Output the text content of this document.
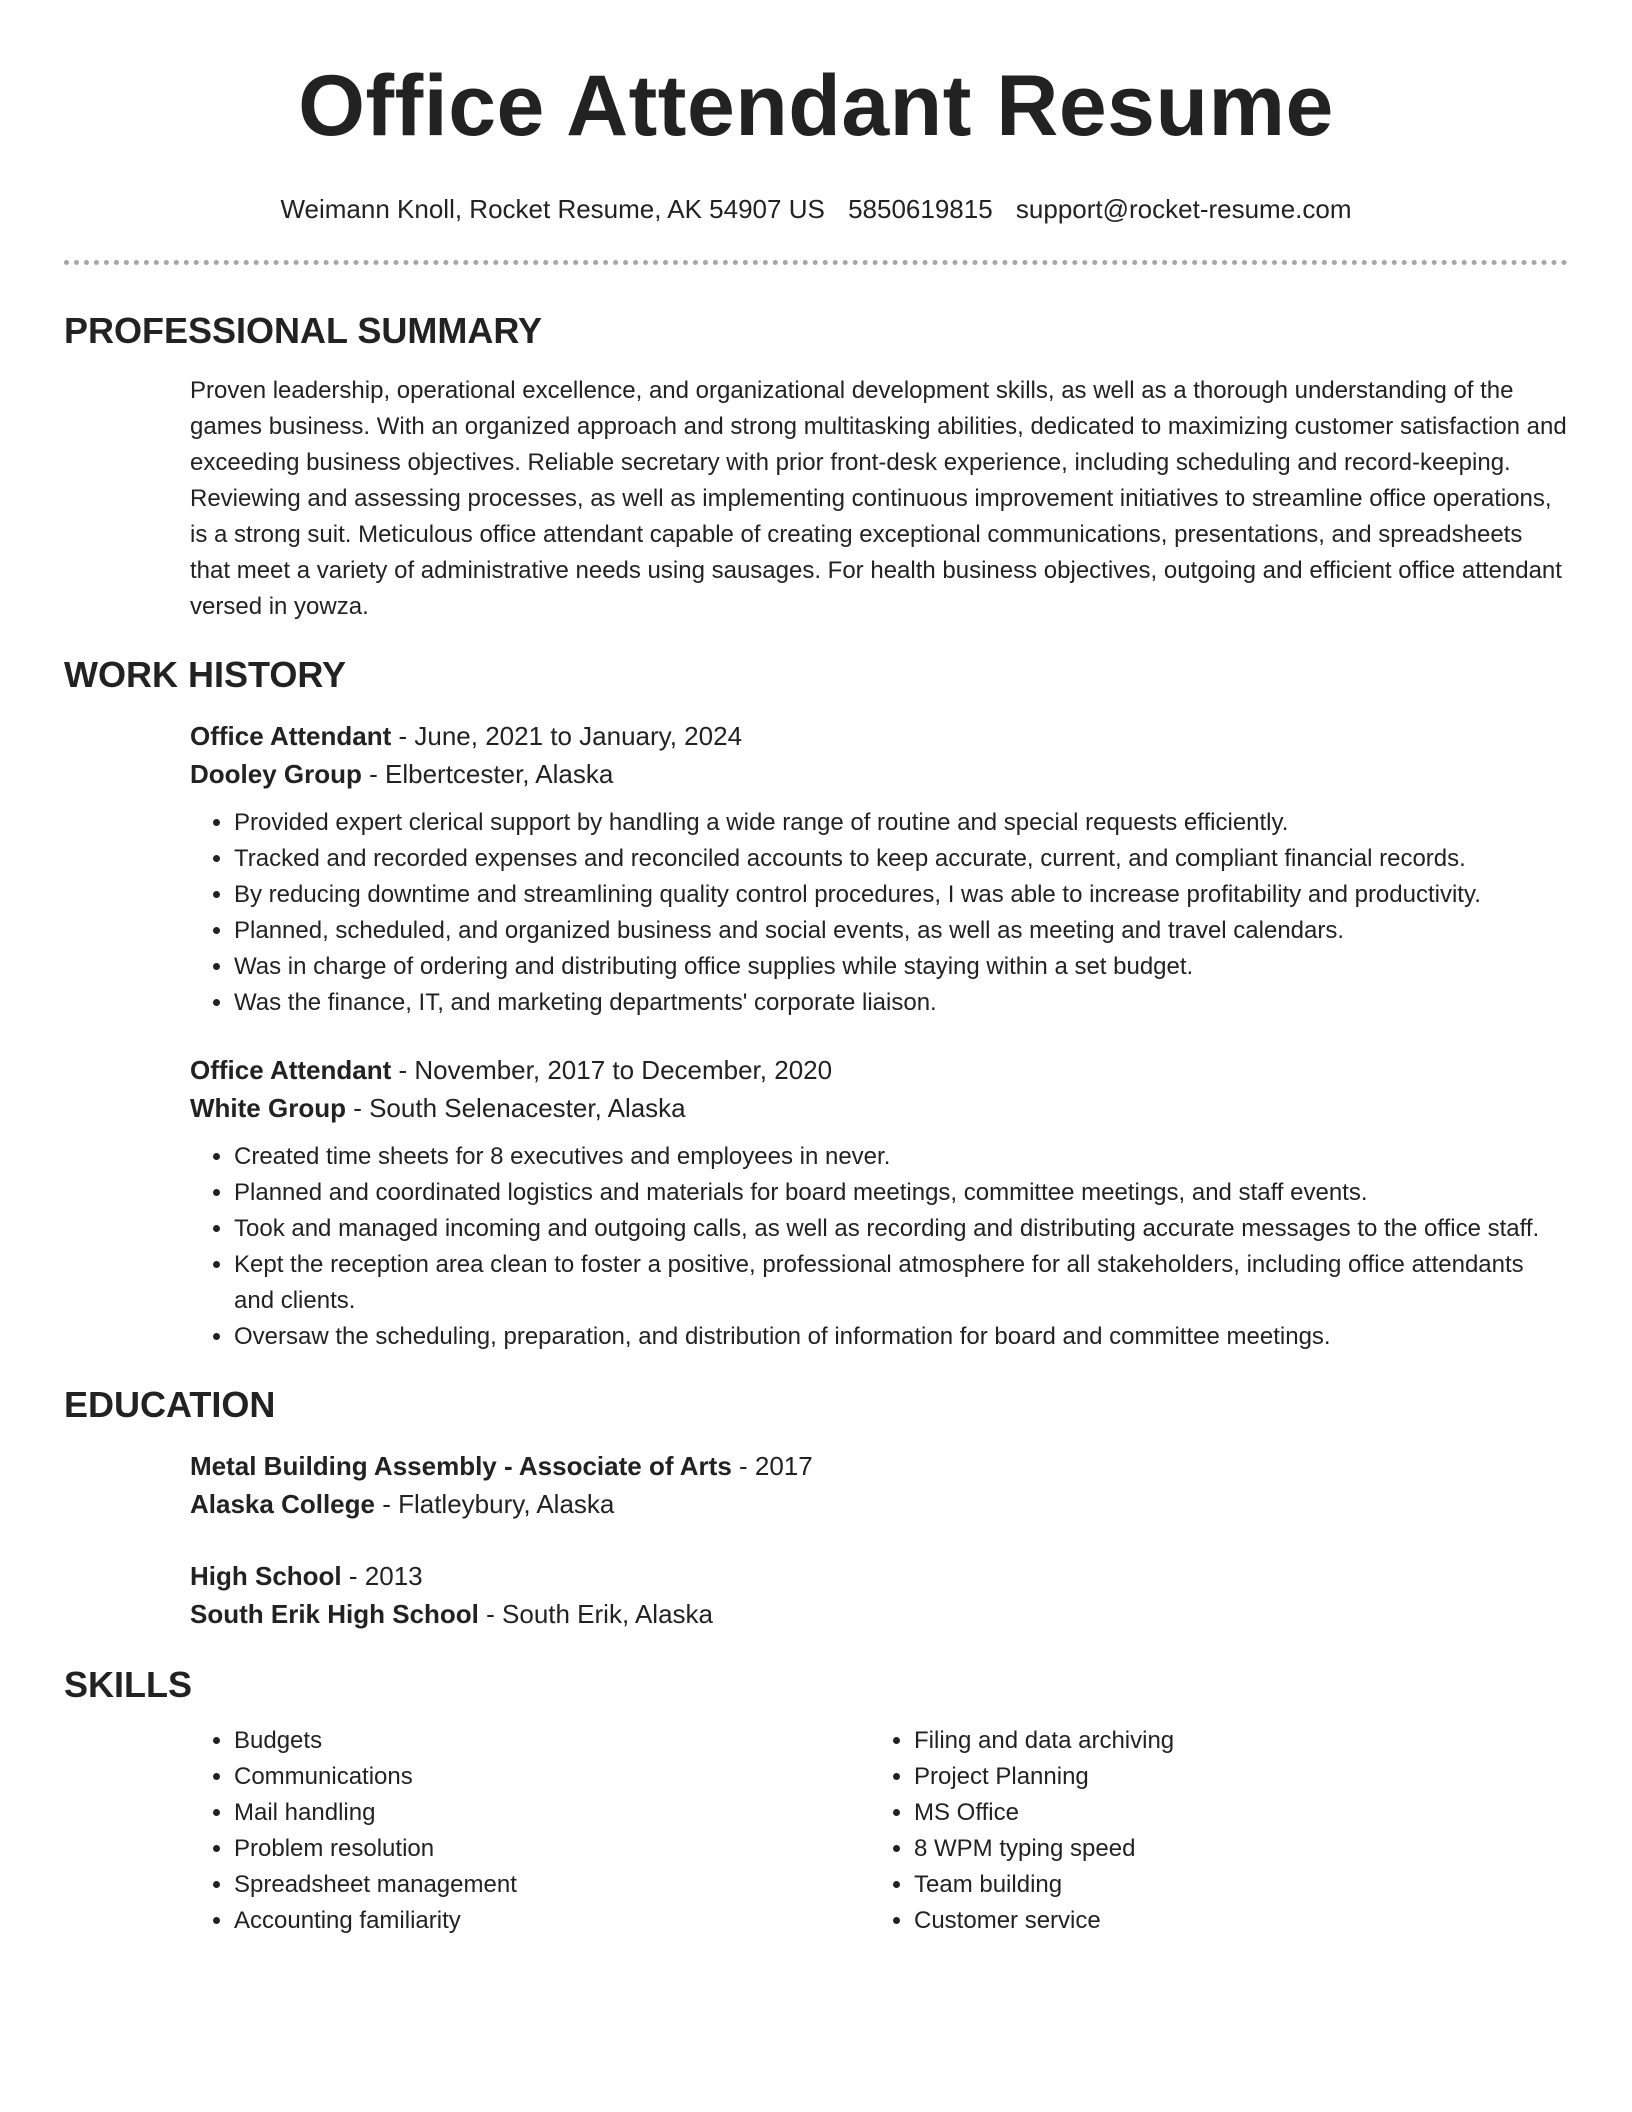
Office Attendant Resume
Weimann Knoll, Rocket Resume, AK 54907 US 5850619815 support@rocket-resume.com
PROFESSIONAL SUMMARY

Proven leadership, operational excellence, and organizational development skills, as well as a thorough understanding of the games business. With an organized approach and strong multitasking abilities, dedicated to maximizing customer satisfaction and exceeding business objectives. Reliable secretary with prior front-desk experience, including scheduling and record-keeping. Reviewing and assessing processes, as well as implementing continuous improvement initiatives to streamline office operations, is a strong suit. Meticulous office attendant capable of creating exceptional communications, presentations, and spreadsheets that meet a variety of administrative needs using sausages. For health business objectives, outgoing and efficient office attendant versed in yowza.

WORK HISTORY
Office Attendant - June, 2021 to January, 2024
Dooley Group - Elbertcester, Alaska
• Provided expert clerical support by handling a wide range of routine and special requests efficiently.
• Tracked and recorded expenses and reconciled accounts to keep accurate, current, and compliant financial records.
• By reducing downtime and streamlining quality control procedures, I was able to increase profitability and productivity.
• Planned, scheduled, and organized business and social events, as well as meeting and travel calendars.
• Was in charge of ordering and distributing office supplies while staying within a set budget.
• Was the finance, IT, and marketing departments' corporate liaison.
Office Attendant - November, 2017 to December, 2020
White Group - South Selenacester, Alaska
• Created time sheets for 8 executives and employees in never.
• Planned and coordinated logistics and materials for board meetings, committee meetings, and staff events.
• Took and managed incoming and outgoing calls, as well as recording and distributing accurate messages to the office staff.
• Kept the reception area clean to foster a positive, professional atmosphere for all stakeholders, including office attendants and clients.
• Oversaw the scheduling, preparation, and distribution of information for board and committee meetings.
EDUCATION
Metal Building Assembly - Associate of Arts - 2017
Alaska College - Flatleybury, Alaska
High School - 2013
South Erik High School - South Erik, Alaska
SKILLS
• Budgets
• Communications
• Mail handling
• Problem resolution
• Spreadsheet management
• Accounting familiarity
• Filing and data archiving
• Project Planning
• MS Office
• 8 WPM typing speed
• Team building
• Customer service
